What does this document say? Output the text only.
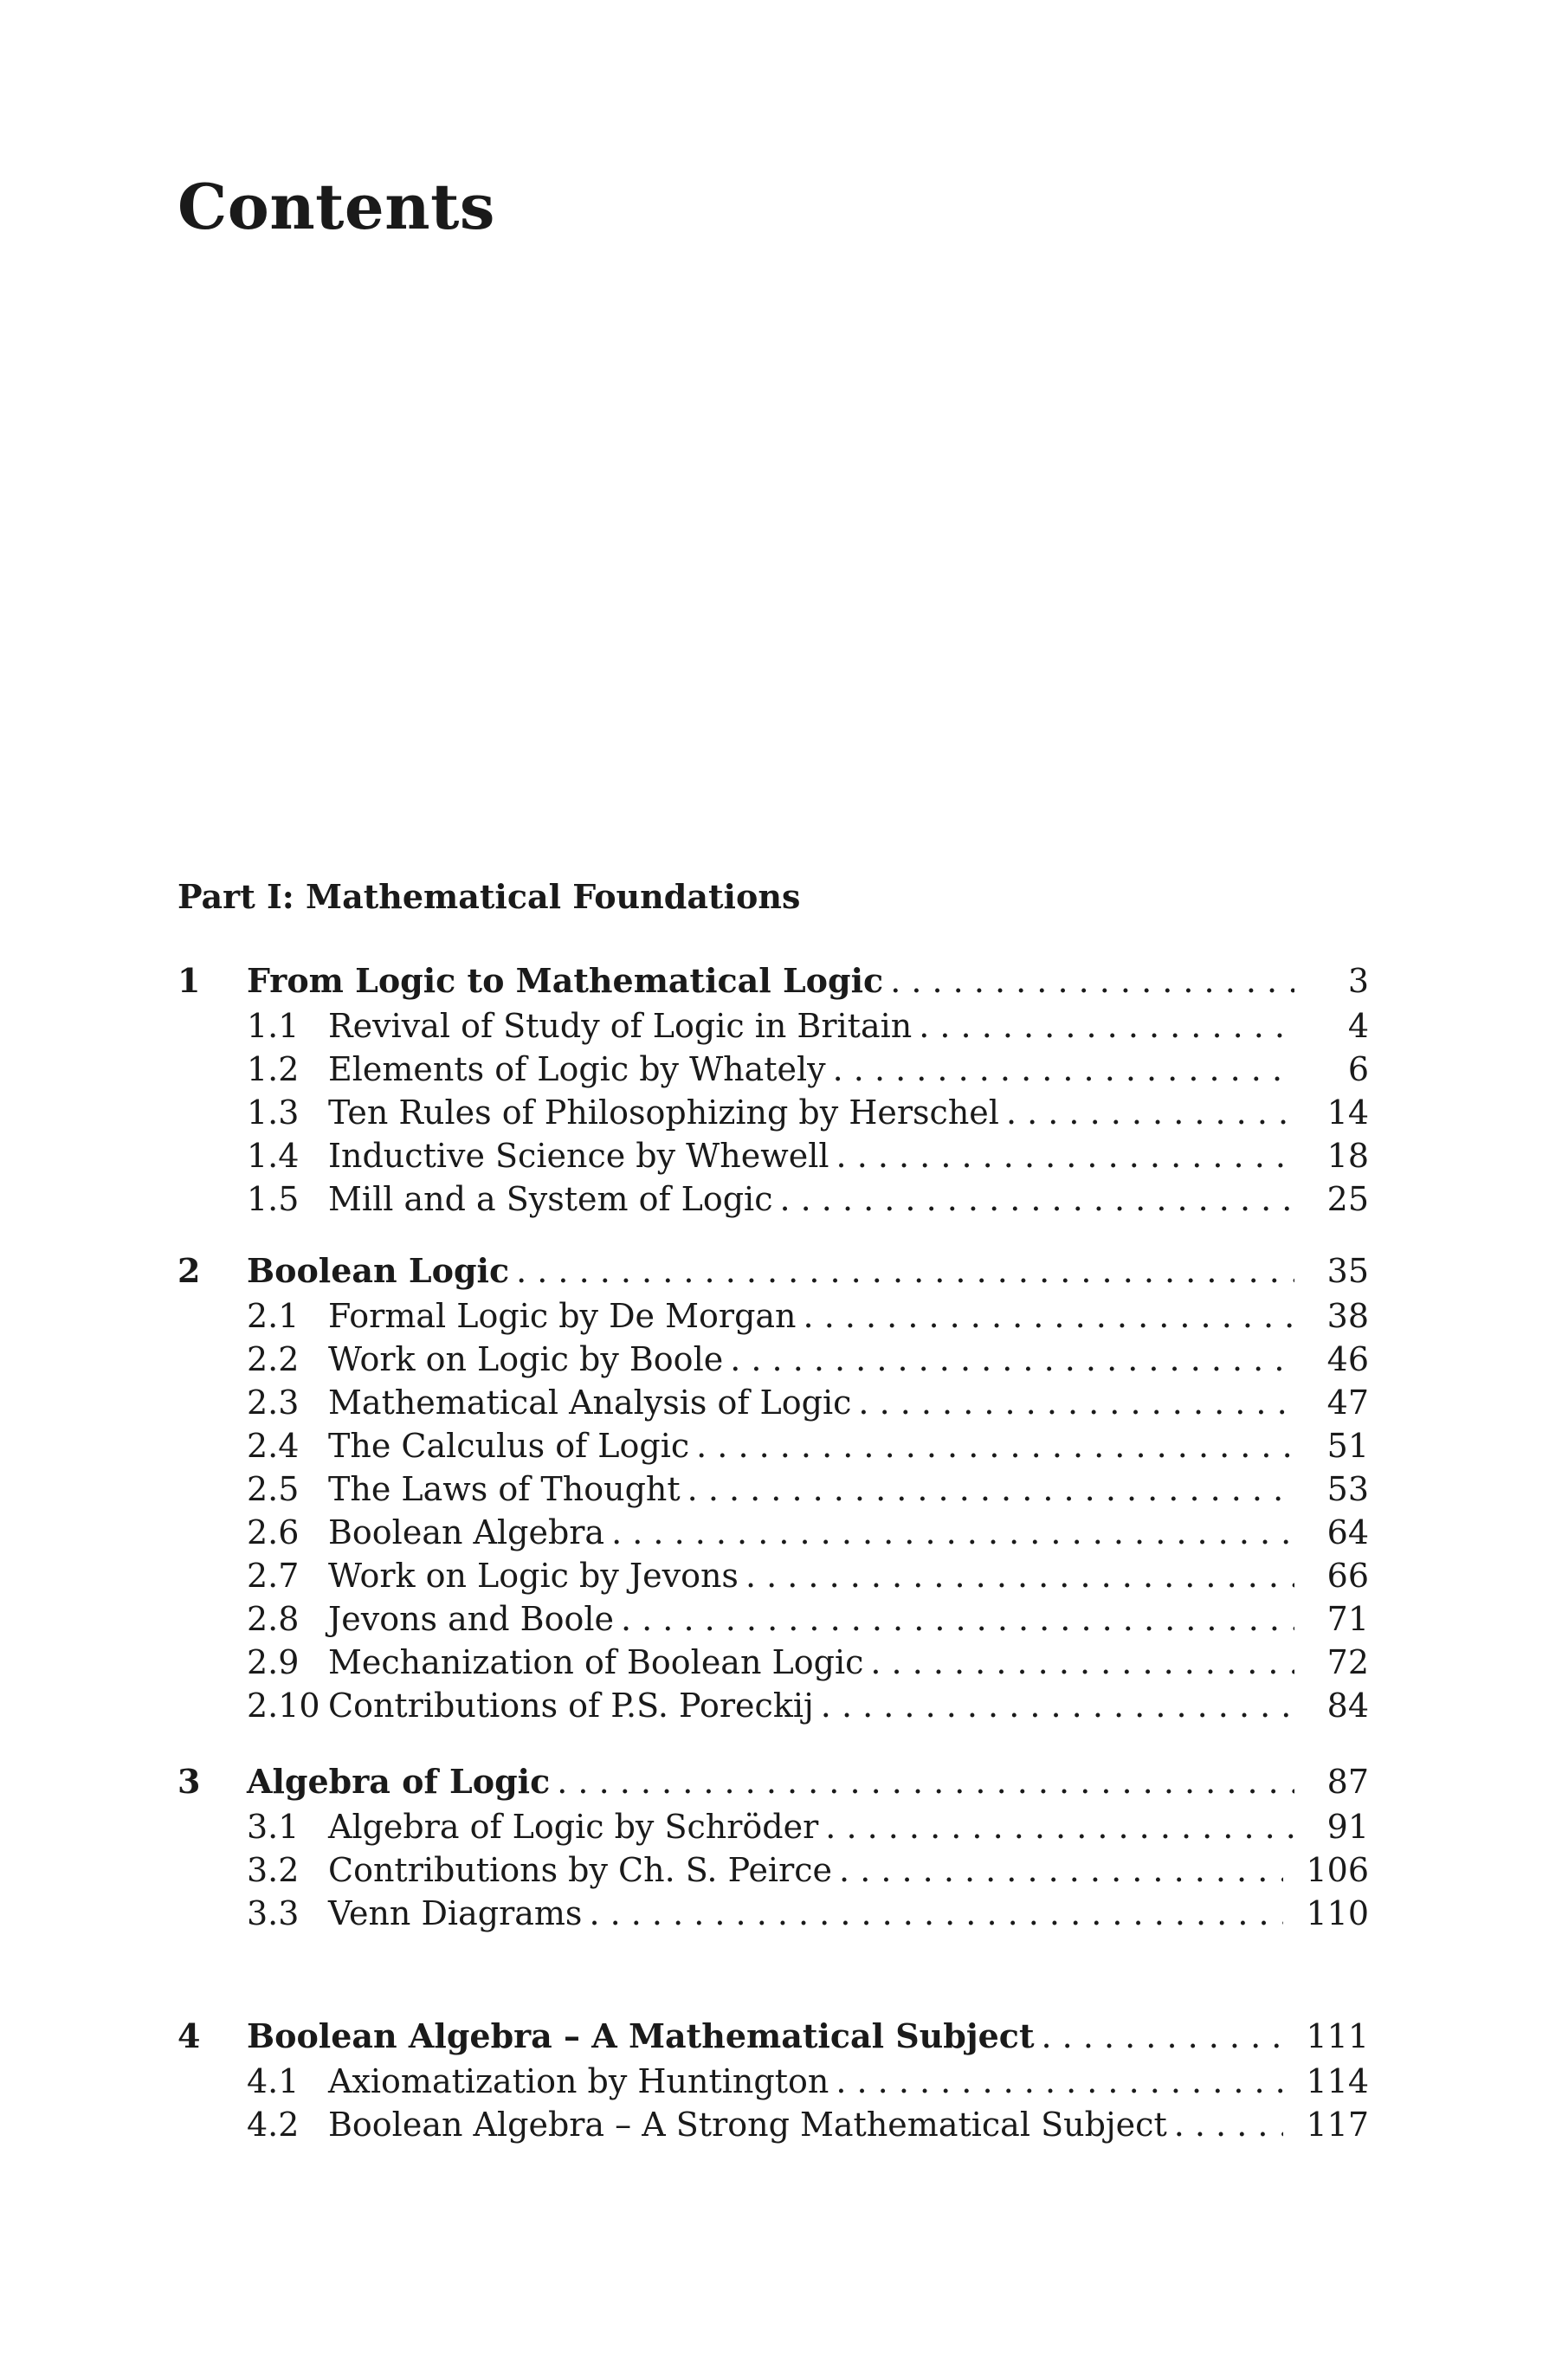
Contents
Part I: Mathematical Foundations
1	From Logic to Mathematical Logic . . .	3
1.1 Revival of Study of Logic in Britain . . .	4
1.2 Elements of Logic by Whately . . .	6
1.3 Ten Rules of Philosophizing by Herschel . . .	14
1.4 Inductive Science by Whewell . . .	18
1.5 Mill and a System of Logic . . .	25
2	Boolean Logic . . .	35
2.1 Formal Logic by De Morgan . . .	38
2.2 Work on Logic by Boole . . .	46
2.3 Mathematical Analysis of Logic . . .	47
2.4 The Calculus of Logic . . .	51
2.5 The Laws of Thought . . .	53
2.6 Boolean Algebra . . .	64
2.7 Work on Logic by Jevons . . .	66
2.8 Jevons and Boole . . .	71
2.9 Mechanization of Boolean Logic . . .	72
2.10 Contributions of P.S. Poreckij . . .	84
3	Algebra of Logic . . .	87
3.1 Algebra of Logic by Schröder . . .	91
3.2 Contributions by Ch. S. Peirce . . .	106
3.3 Venn Diagrams . . .	110
4	Boolean Algebra – A Mathematical Subject . . .	111
4.1 Axiomatization by Huntington . . .	114
4.2 Boolean Algebra – A Strong Mathematical Subject . . .	117
